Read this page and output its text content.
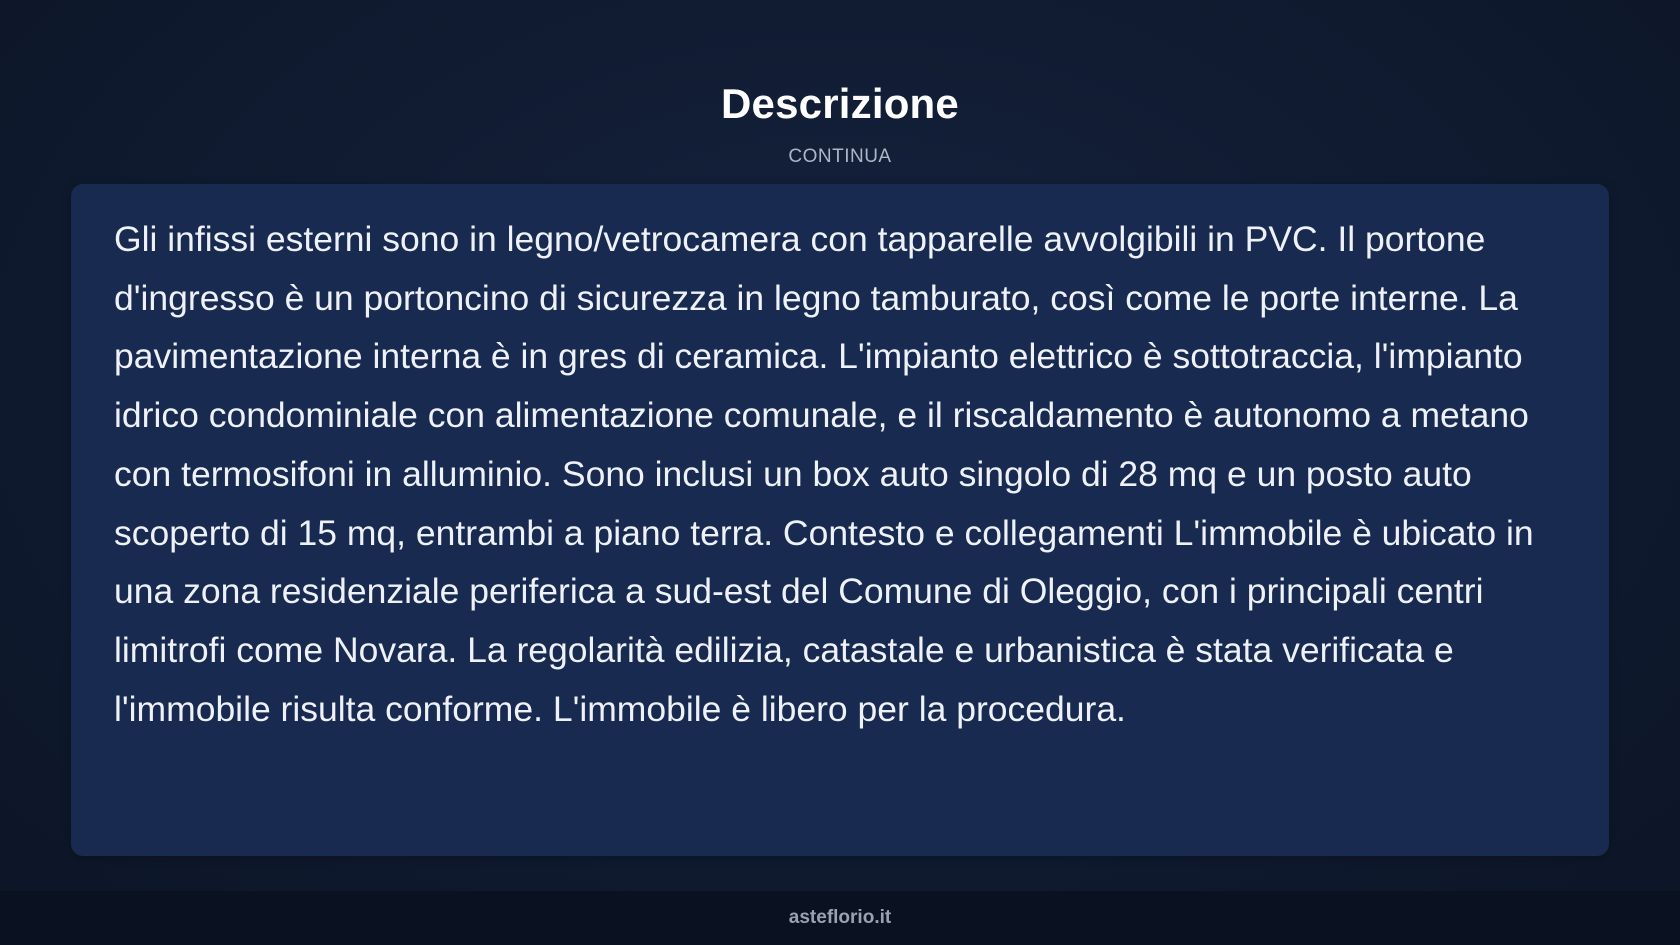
Descrizione
CONTINUA

Gli infissi esterni sono in legno/vetrocamera con tapparelle avvolgibili in PVC. Il portone d'ingresso è un portoncino di sicurezza in legno tamburato, così come le porte interne. La pavimentazione interna è in gres di ceramica. L'impianto elettrico è sottotraccia, l'impianto idrico condominiale con alimentazione comunale, e il riscaldamento è autonomo a metano con termosifoni in alluminio. Sono inclusi un box auto singolo di 28 mq e un posto auto scoperto di 15 mq, entrambi a piano terra. Contesto e collegamenti L'immobile è ubicato in una zona residenziale periferica a sud-est del Comune di Oleggio, con i principali centri limitrofi come Novara. La regolarità edilizia, catastale e urbanistica è stata verificata e l'immobile risulta conforme. L'immobile è libero per la procedura.

asteflorio.it
